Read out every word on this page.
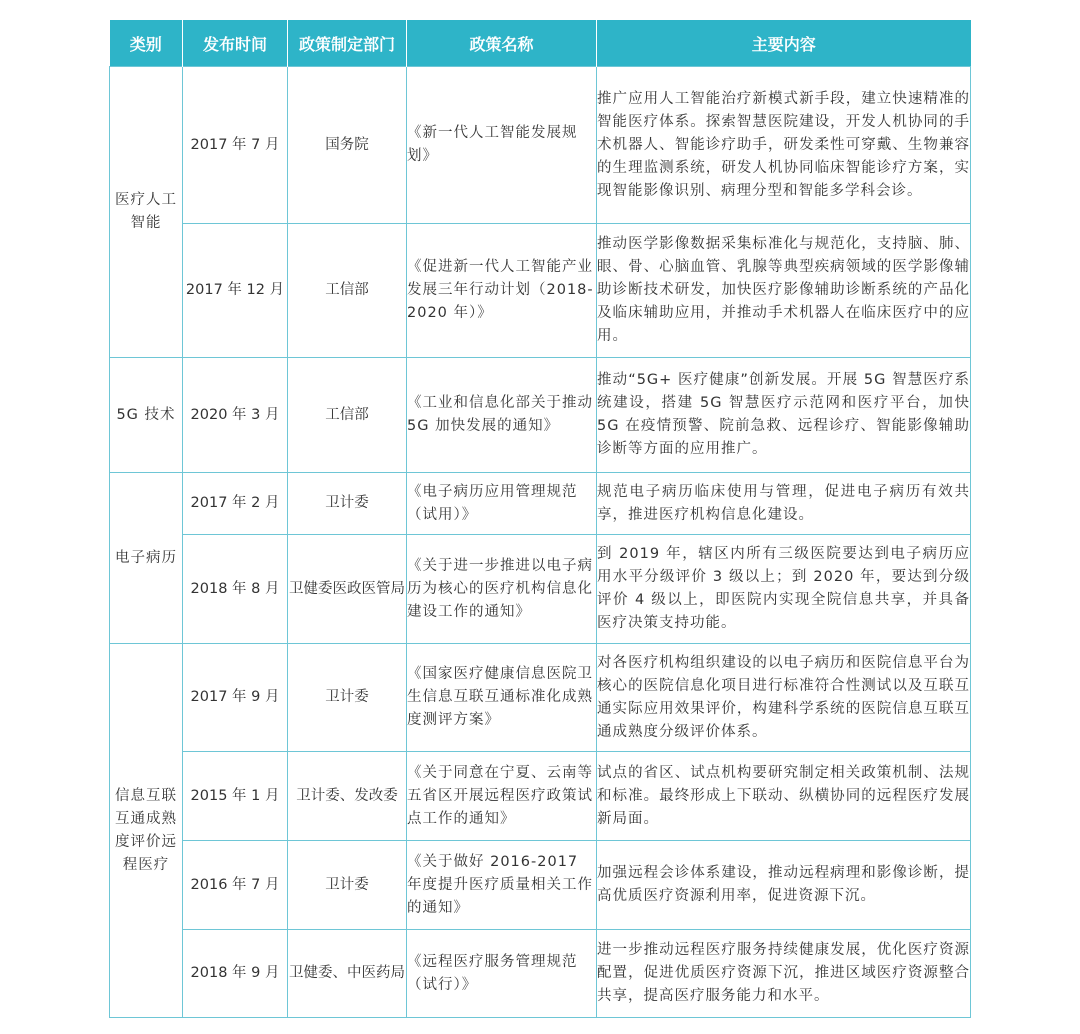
类别	发布时间	政策制定部门	政策名称	主要内容
医疗人工智能	2017 年 7 月	国务院	《新一代人工智能发展规划》	推广应用人工智能治疗新模式新手段，建立快速精准的智能医疗体系。探索智慧医院建设，开发人机协同的手术机器人、智能诊疗助手，研发柔性可穿戴、生物兼容的生理监测系统，研发人机协同临床智能诊疗方案，实现智能影像识别、病理分型和智能多学科会诊。
	2017 年 12 月	工信部	《促进新一代人工智能产业发展三年行动计划（2018-2020 年）》	推动医学影像数据采集标准化与规范化，支持脑、肺、眼、骨、心脑血管、乳腺等典型疾病领域的医学影像辅助诊断技术研发，加快医疗影像辅助诊断系统的产品化及临床辅助应用，并推动手术机器人在临床医疗中的应用。
5G 技术	2020 年 3 月	工信部	《工业和信息化部关于推动 5G 加快发展的通知》	推动“5G+ 医疗健康”创新发展。开展 5G 智慧医疗系统建设，搭建 5G 智慧医疗示范网和医疗平台，加快 5G 在疫情预警、院前急救、远程诊疗、智能影像辅助诊断等方面的应用推广。
电子病历	2017 年 2 月	卫计委	《电子病历应用管理规范（试用）》	规范电子病历临床使用与管理，促进电子病历有效共享，推进医疗机构信息化建设。
	2018 年 8 月	卫健委医政医管局	《关于进一步推进以电子病历为核心的医疗机构信息化建设工作的通知》	到 2019 年，辖区内所有三级医院要达到电子病历应用水平分级评价 3 级以上；到 2020 年，要达到分级评价 4 级以上，即医院内实现全院信息共享，并具备医疗决策支持功能。
信息互联互通成熟度评价远程医疗	2017 年 9 月	卫计委	《国家医疗健康信息医院卫生信息互联互通标准化成熟度测评方案》	对各医疗机构组织建设的以电子病历和医院信息平台为核心的医院信息化项目进行标准符合性测试以及互联互通实际应用效果评价，构建科学系统的医院信息互联互通成熟度分级评价体系。
	2015 年 1 月	卫计委、发改委	《关于同意在宁夏、云南等五省区开展远程医疗政策试点工作的通知》	试点的省区、试点机构要研究制定相关政策机制、法规和标准。最终形成上下联动、纵横协同的远程医疗发展新局面。
	2016 年 7 月	卫计委	《关于做好 2016-2017 年度提升医疗质量相关工作的通知》	加强远程会诊体系建设，推动远程病理和影像诊断，提高优质医疗资源利用率，促进资源下沉。
	2018 年 9 月	卫健委、中医药局	《远程医疗服务管理规范（试行）》	进一步推动远程医疗服务持续健康发展，优化医疗资源配置，促进优质医疗资源下沉，推进区域医疗资源整合共享，提高医疗服务能力和水平。
